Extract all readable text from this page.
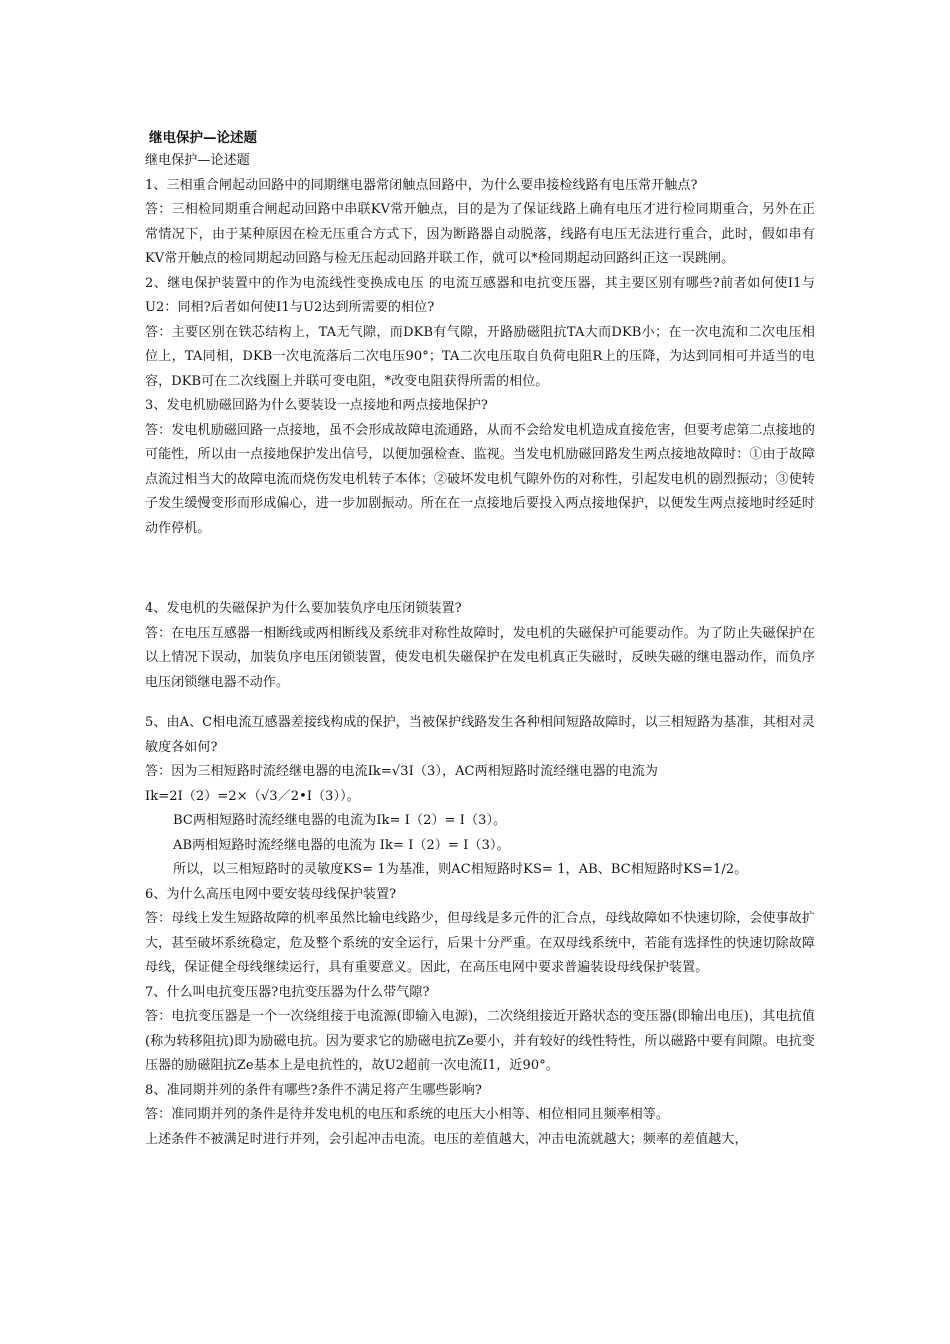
继电保护—论述题

继电保护—论述题

1、三相重合闸起动回路中的同期继电器常闭触点回路中，为什么要串接检线路有电压常开触点?

答：三相检同期重合闸起动回路中串联KV常开触点，目的是为了保证线路上确有电压才进行检同期重合，另外在正常情况下，由于某种原因在检无压重合方式下，因为断路器自动脱落，线路有电压无法进行重合，此时，假如串有KV常开触点的检同期起动回路与检无压起动回路并联工作，就可以*检同期起动回路纠正这一误跳闸。

2、继电保护装置中的作为电流线性变换成电压 的电流互感器和电抗变压器，其主要区别有哪些?前者如何使I1与U2：同相?后者如何使I1与U2达到所需要的相位?

答：主要区别在铁芯结构上，TA无气隙，而DKB有气隙，开路励磁阻抗TA大而DKB小；在一次电流和二次电压相位上，TA同相，DKB一次电流落后二次电压90°；TA二次电压取自负荷电阻R上的压降，为达到同相可并适当的电容，DKB可在二次线圈上并联可变电阻，*改变电阻获得所需的相位。

3、发电机励磁回路为什么要装设一点接地和两点接地保护?

答：发电机励磁回路一点接地，虽不会形成故障电流通路，从而不会给发电机造成直接危害，但要考虑第二点接地的可能性，所以由一点接地保护发出信号，以便加强检查、监视。当发电机励磁回路发生两点接地故障时：①由于故障点流过相当大的故障电流而烧伤发电机转子本体；②破坏发电机气隙外伤的对称性，引起发电机的剧烈振动；③使转子发生缓慢变形而形成偏心，进一步加剧振动。所在在一点接地后要投入两点接地保护，以便发生两点接地时经延时动作停机。

4、发电机的失磁保护为什么要加装负序电压闭锁装置?

答：在电压互感器一相断线或两相断线及系统非对称性故障时，发电机的失磁保护可能要动作。为了防止失磁保护在以上情况下误动，加装负序电压闭锁装置，使发电机失磁保护在发电机真正失磁时，反映失磁的继电器动作，而负序电压闭锁继电器不动作。

5、由A、C相电流互感器差接线构成的保护，当被保护线路发生各种相间短路故障时，以三相短路为基准，其相对灵敏度各如何?

答：因为三相短路时流经继电器的电流Ik=√3I（3），AC两相短路时流经继电器的电流为

Ik=2I（2）=2×（√3／2•I（3））。

BC两相短路时流经继电器的电流为Ik= I（2）= I（3）。

AB两相短路时流经继电器的电流为 Ik= I（2）= I（3）。

所以，以三相短路时的灵敏度KS= 1为基准，则AC相短路时KS= 1，AB、BC相短路时KS=1/2。

6、为什么高压电网中要安装母线保护装置?

答：母线上发生短路故障的机率虽然比输电线路少，但母线是多元件的汇合点，母线故障如不快速切除，会使事故扩大，甚至破坏系统稳定，危及整个系统的安全运行，后果十分严重。在双母线系统中，若能有选择性的快速切除故障母线，保证健全母线继续运行，具有重要意义。因此，在高压电网中要求普遍装设母线保护装置。

7、什么叫电抗变压器?电抗变压器为什么带气隙?

答：电抗变压器是一个一次绕组接于电流源(即输入电源)，二次绕组接近开路状态的变压器(即输出电压)，其电抗值(称为转移阻抗)即为励磁电抗。因为要求它的励磁电抗Ze要小，并有较好的线性特性，所以磁路中要有间隙。电抗变压器的励磁阻抗Ze基本上是电抗性的，故U2超前一次电流I1，近90°。

8、准同期并列的条件有哪些?条件不满足将产生哪些影响?

答：准同期并列的条件是待并发电机的电压和系统的电压大小相等、相位相同且频率相等。

上述条件不被满足时进行并列，会引起冲击电流。电压的差值越大，冲击电流就越大；频率的差值越大，
